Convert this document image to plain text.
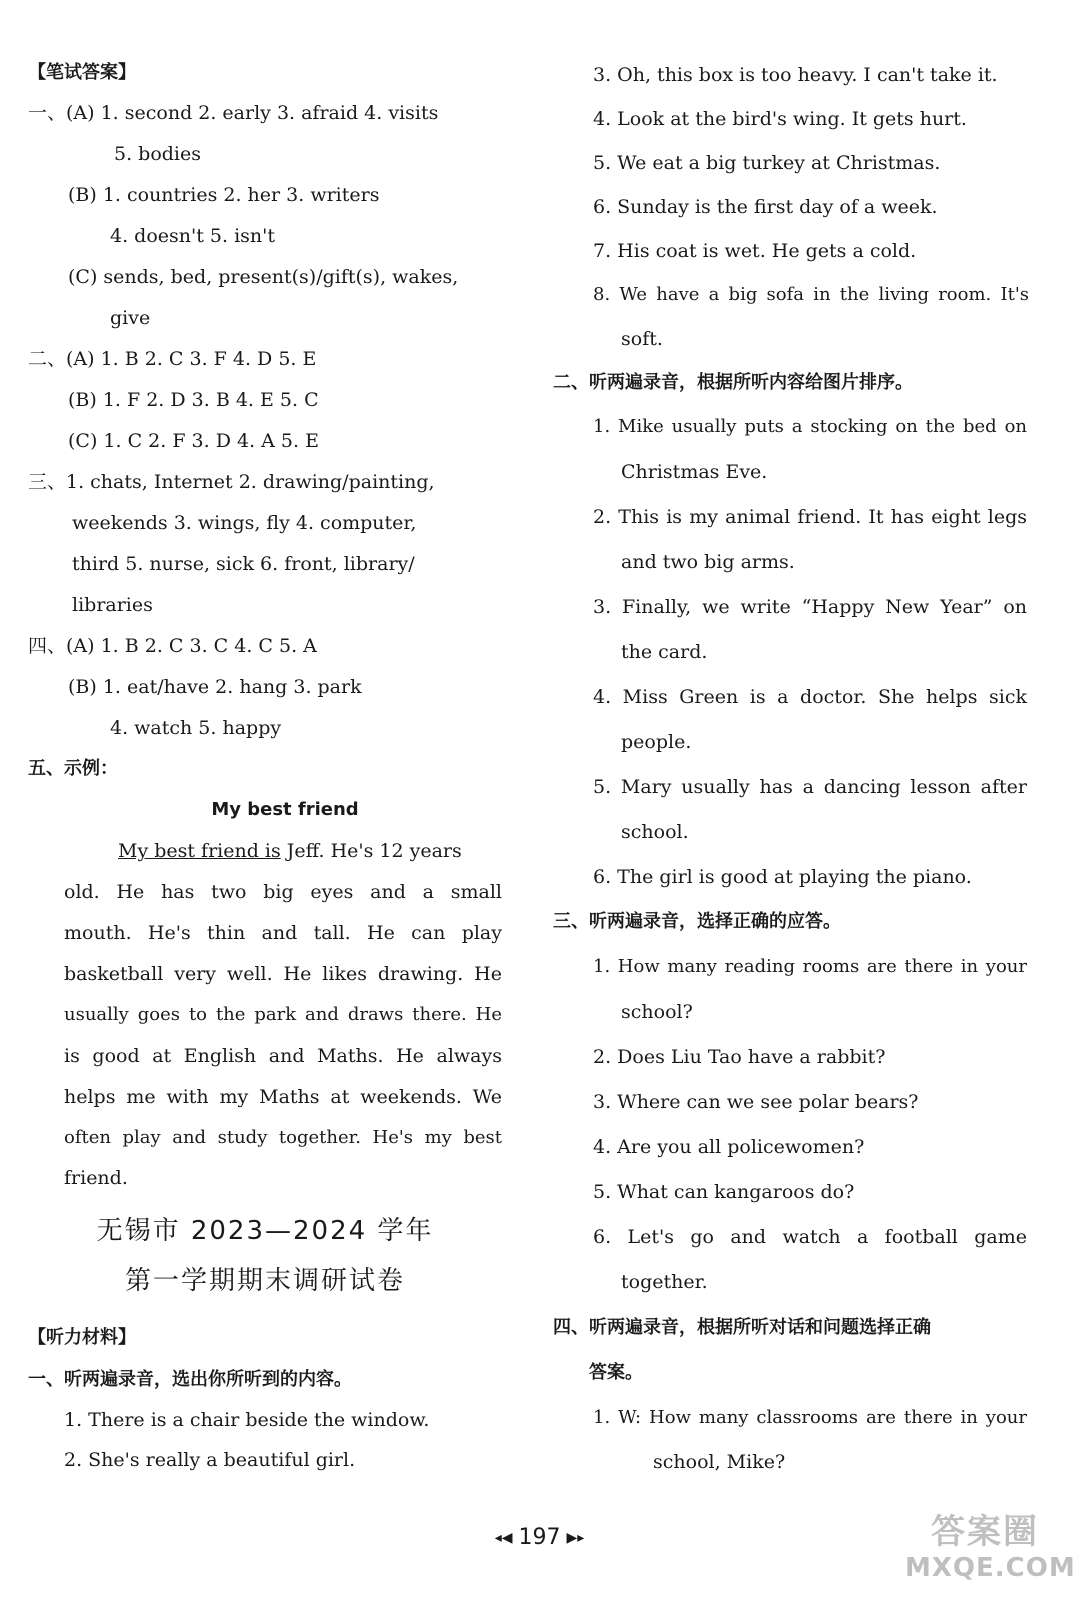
【笔试答案】
一、(A) 1. second 2. early 3. afraid 4. visits
5. bodies
(B) 1. countries 2. her 3. writers
4. doesn't 5. isn't
(C) sends, bed, present(s)/gift(s), wakes,
give
二、(A) 1. B 2. C 3. F 4. D 5. E
(B) 1. F 2. D 3. B 4. E 5. C
(C) 1. C 2. F 3. D 4. A 5. E
三、1. chats, Internet 2. drawing/painting,
weekends 3. wings, fly 4. computer,
third 5. nurse, sick 6. front, library/
libraries
四、(A) 1. B 2. C 3. C 4. C 5. A
(B) 1. eat/have 2. hang 3. park
4. watch 5. happy
五、示例：
My best friend
My best friend is Jeff. He's 12 years
old. He has two big eyes and a small
mouth. He's thin and tall. He can play
basketball very well. He likes drawing. He
usually goes to the park and draws there. He
is good at English and Maths. He always
helps me with my Maths at weekends. We
often play and study together. He's my best
friend.
无锡市 2023—2024 学年
第一学期期末调研试卷
【听力材料】
一、听两遍录音，选出你所听到的内容。
1. There is a chair beside the window.
2. She's really a beautiful girl.
3. Oh, this box is too heavy. I can't take it.
4. Look at the bird's wing. It gets hurt.
5. We eat a big turkey at Christmas.
6. Sunday is the first day of a week.
7. His coat is wet. He gets a cold.
8. We have a big sofa in the living room. It's
soft.
二、听两遍录音，根据所听内容给图片排序。
1. Mike usually puts a stocking on the bed on
Christmas Eve.
2. This is my animal friend. It has eight legs
and two big arms.
3. Finally, we write “Happy New Year” on
the card.
4. Miss Green is a doctor. She helps sick
people.
5. Mary usually has a dancing lesson after
school.
6. The girl is good at playing the piano.
三、听两遍录音，选择正确的应答。
1. How many reading rooms are there in your
school?
2. Does Liu Tao have a rabbit?
3. Where can we see polar bears?
4. Are you all policewomen?
5. What can kangaroos do?
6. Let's go and watch a football game
together.
四、听两遍录音，根据所听对话和问题选择正确
答案。
1. W: How many classrooms are there in your
school, Mike?
◂◀ 197 ▶▸	答案圈
MXQE.COM
